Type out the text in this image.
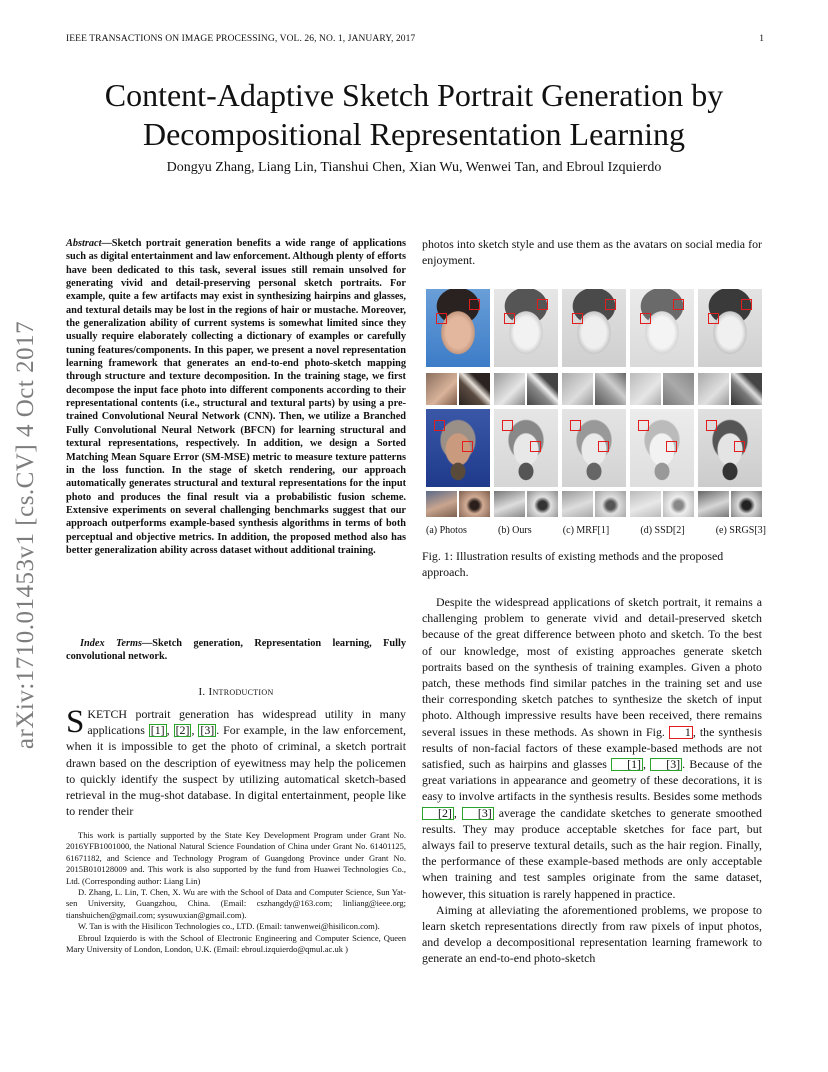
IEEE TRANSACTIONS ON IMAGE PROCESSING, VOL. 26, NO. 1, JANUARY, 2017	1
Content-Adaptive Sketch Portrait Generation by Decompositional Representation Learning
Dongyu Zhang, Liang Lin, Tianshui Chen, Xian Wu, Wenwei Tan, and Ebroul Izquierdo
arXiv:1710.01453v1 [cs.CV] 4 Oct 2017
Abstract—Sketch portrait generation benefits a wide range of applications such as digital entertainment and law enforcement. Although plenty of efforts have been dedicated to this task, several issues still remain unsolved for generating vivid and detail-preserving personal sketch portraits. For example, quite a few artifacts may exist in synthesizing hairpins and glasses, and textural details may be lost in the regions of hair or mustache. Moreover, the generalization ability of current systems is somewhat limited since they usually require elaborately collecting a dictionary of examples or carefully tuning features/components. In this paper, we present a novel representation learning framework that generates an end-to-end photo-sketch mapping through structure and texture decomposition. In the training stage, we first decompose the input face photo into different components according to their representational contents (i.e., structural and textural parts) by using a pre-trained Convolutional Neural Network (CNN). Then, we utilize a Branched Fully Convolutional Neural Network (BFCN) for learning structural and textural representations, respectively. In addition, we design a Sorted Matching Mean Square Error (SM-MSE) metric to measure texture patterns in the loss function. In the stage of sketch rendering, our approach automatically generates structural and textural representations for the input photo and produces the final result via a probabilistic fusion scheme. Extensive experiments on several challenging benchmarks suggest that our approach outperforms example-based synthesis algorithms in terms of both perceptual and objective metrics. In addition, the proposed method also has better generalization ability across dataset without additional training.
Index Terms—Sketch generation, Representation learning, Fully convolutional network.
I. Introduction
SKETCH portrait generation has widespread utility in many applications [1] , [2] , [3] . For example, in the law enforcement, when it is impossible to get the photo of criminal, a sketch portrait drawn based on the description of eyewitness may help the policemen to quickly identify the suspect by utilizing automatical sketch-based retrieval in the mug-shot database. In digital entertainment, people like to render their

This work is partially supported by the State Key Development Program under Grant No. 2016YFB1001000, the National Natural Science Foundation of China under Grant No. 61401125, 61671182, and Science and Technology Program of Guangdong Province under Grant No. 2015B010128009 and. This work is also supported by the fund from Huawei Technologies Co., Ltd. (Corresponding author: Liang Lin)

D. Zhang, L. Lin, T. Chen, X. Wu are with the School of Data and Computer Science, Sun Yat-sen University, Guangzhou, China. (Email: cszhangdy@163.com; linliang@ieee.org; tianshuichen@gmail.com; sysuwuxian@gmail.com).

W. Tan is with the Hisilicon Technologies co., LTD. (Email: tanwenwei@hisilicon.com).

Ebroul Izquierdo is with the School of Electronic Engineering and Computer Science, Queen Mary University of London, London, U.K. (Email: ebroul.izquierdo@qmul.ac.uk )

photos into sketch style and use them as the avatars on social media for enjoyment.
(a) Photos	(b) Ours	(c) MRF[1]	(d) SSD[2]	(e) SRGS[3]
Fig. 1: Illustration results of existing methods and the proposed approach.

Despite the widespread applications of sketch portrait, it remains a challenging problem to generate vivid and detail-preserved sketch because of the great difference between photo and sketch. To the best of our knowledge, most of existing approaches generate sketch portraits based on the synthesis of training examples. Given a photo patch, these methods find similar patches in the training set and use their corresponding sketch patches to synthesize the sketch of input photo. Although impressive results have been received, there remains several issues in these methods. As shown in Fig. 1 , the synthesis results of non-facial factors of these example-based methods are not satisfied, such as hairpins and glasses [1] , [3] . Because of the great variations in appearance and geometry of these decorations, it is easy to involve artifacts in the synthesis results. Besides some methods [2] , [3] average the candidate sketches to generate smoothed results. They may produce acceptable sketches for face part, but always fail to preserve textural details, such as the hair region. Finally, the performance of these example-based methods are only acceptable when training and test samples originate from the same dataset, however, this situation is rarely happened in practice.

Aiming at alleviating the aforementioned problems, we propose to learn sketch representations directly from raw pixels of input photos, and develop a decompositional representation learning framework to generate an end-to-end photo-sketch
